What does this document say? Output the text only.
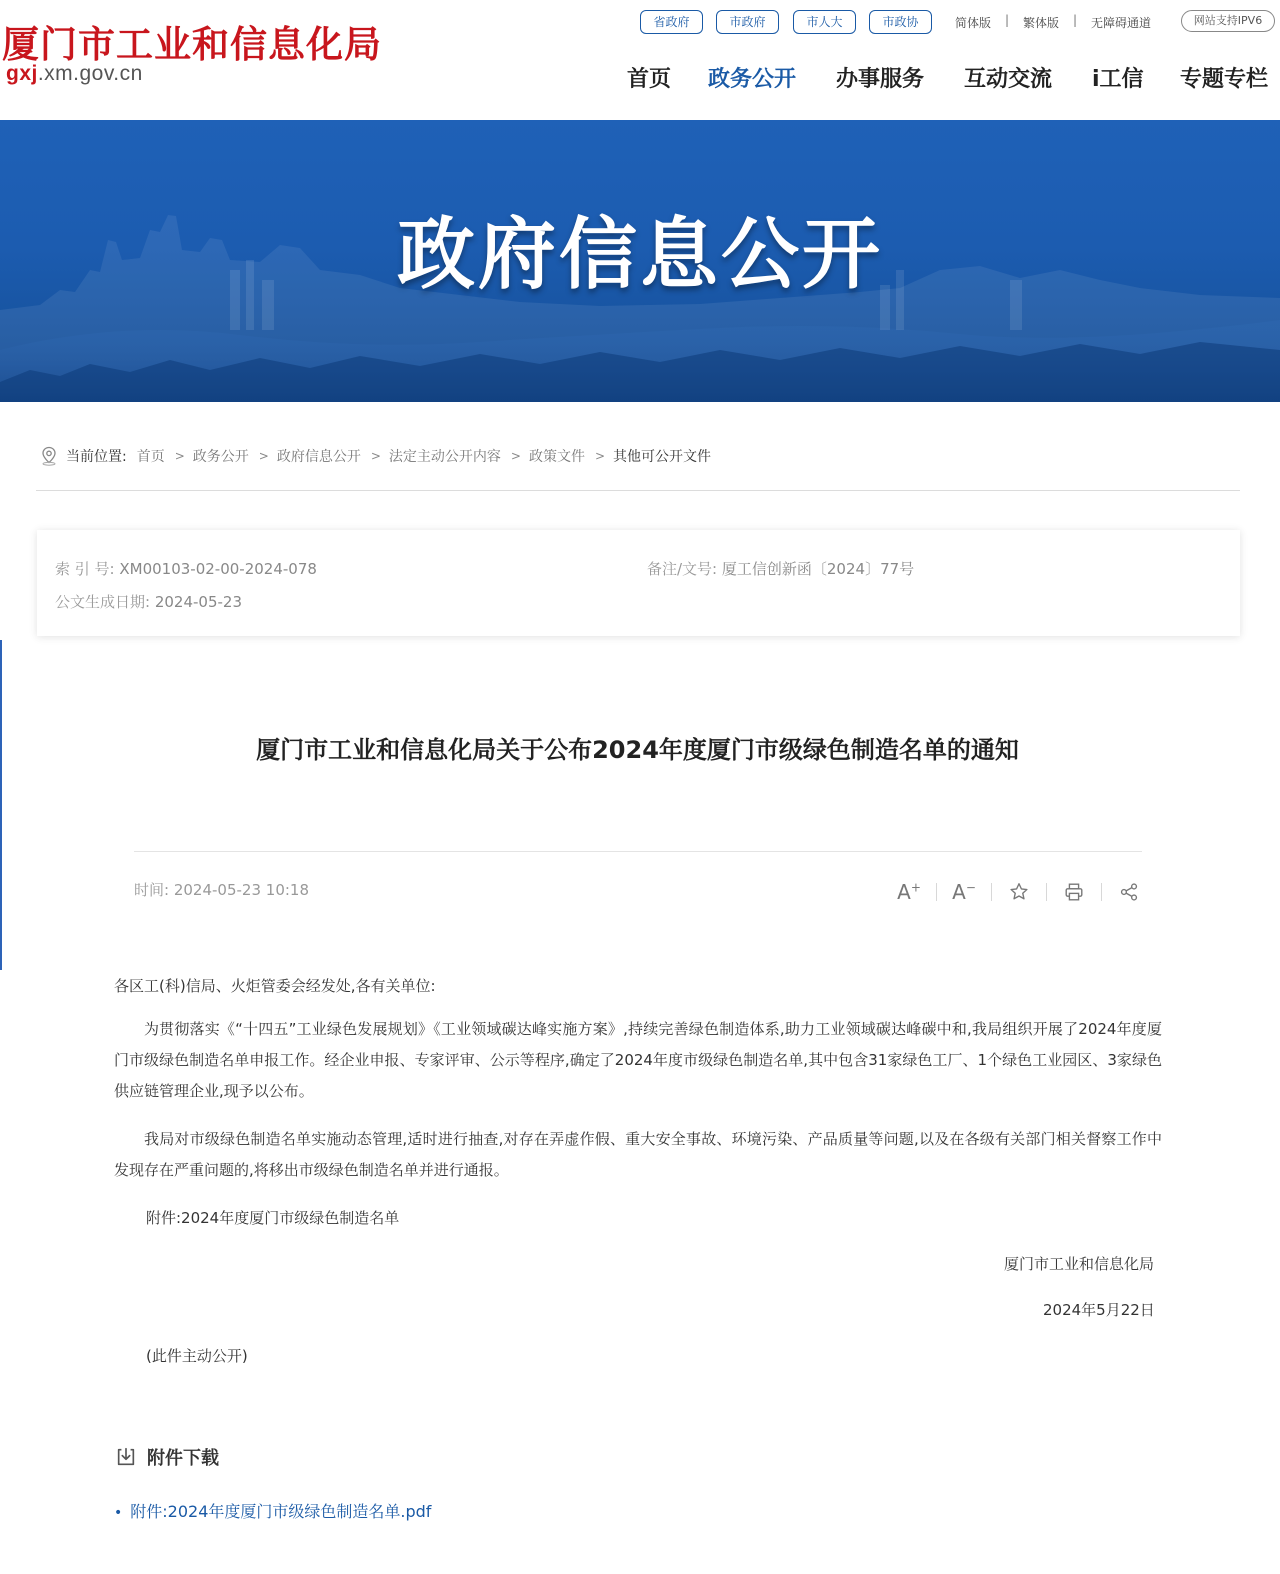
厦门市工业和信息化局
gxj.xm.gov.cn
省政府	市政府	市人大	市政协	简体版 | 繁体版 | 无障碍通道	网站支持IPV6
首页 政务公开 办事服务 互动交流 i工信 专题专栏
政府信息公开
当前位置: 首页 > 政务公开 > 政府信息公开 > 法定主动公开内容 > 政策文件 > 其他可公开文件
索 引 号: XM00103-02-00-2024-078	备注/文号: 厦工信创新函〔2024〕77号
公文生成日期: 2024-05-23
厦门市工业和信息化局关于公布2024年度厦门市级绿色制造名单的通知
时间: 2024-05-23 10:18	A+ A−
各区工(科)信局、火炬管委会经发处,各有关单位:
为贯彻落实《“十四五”工业绿色发展规划》《工业领域碳达峰实施方案》,持续完善绿色制造体系,助力工业领域碳达峰碳中和,我局组织开展了2024年度厦门市级绿色制造名单申报工作。经企业申报、专家评审、公示等程序,确定了2024年度市级绿色制造名单,其中包含31家绿色工厂、1个绿色工业园区、3家绿色供应链管理企业,现予以公布。
我局对市级绿色制造名单实施动态管理,适时进行抽查,对存在弄虚作假、重大安全事故、环境污染、产品质量等问题,以及在各级有关部门相关督察工作中发现存在严重问题的,将移出市级绿色制造名单并进行通报。
附件:2024年度厦门市级绿色制造名单
厦门市工业和信息化局
2024年5月22日
(此件主动公开)
附件下载
• 附件:2024年度厦门市级绿色制造名单.pdf
